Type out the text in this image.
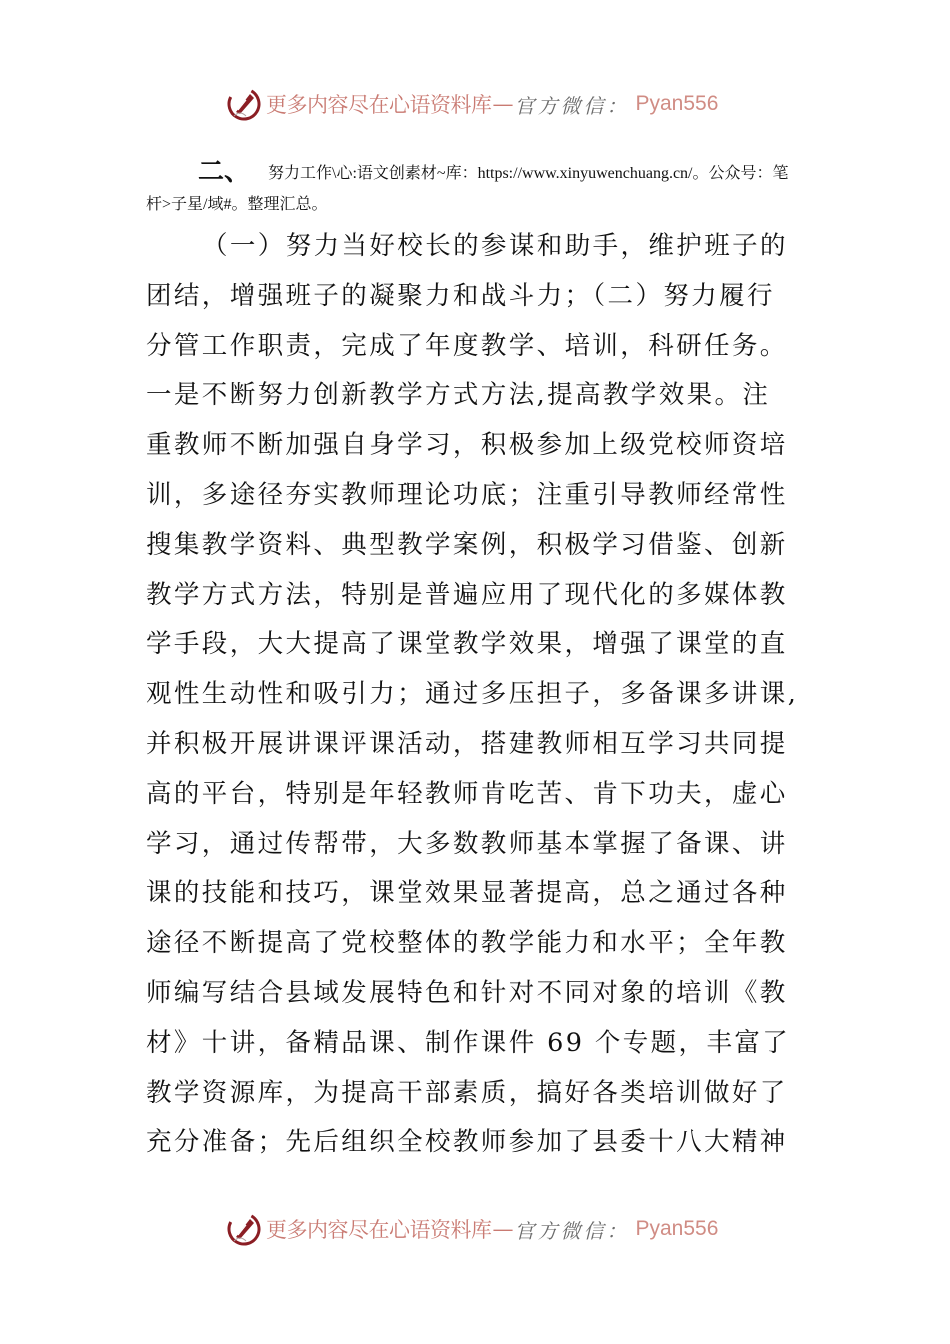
更多内容尽在心语资料库 — 官方微信： Pyan556
二、 努力工作\心:语文创素材~库：https://www.xinyuwenchuang.cn/。公众号：笔
杆>子星/域#。整理汇总。
（一）努力当好校长的参谋和助手，维护班子的
团结，增强班子的凝聚力和战斗力；（二）努力履行
分管工作职责，完成了年度教学、培训，科研任务。
一是不断努力创新教学方式方法,提高教学效果。注
重教师不断加强自身学习，积极参加上级党校师资培
训，多途径夯实教师理论功底；注重引导教师经常性
搜集教学资料、典型教学案例，积极学习借鉴、创新
教学方式方法，特别是普遍应用了现代化的多媒体教
学手段，大大提高了课堂教学效果，增强了课堂的直
观性生动性和吸引力；通过多压担子，多备课多讲课,
并积极开展讲课评课活动，搭建教师相互学习共同提
高的平台，特别是年轻教师肯吃苦、肯下功夫，虚心
学习，通过传帮带，大多数教师基本掌握了备课、讲
课的技能和技巧，课堂效果显著提高，总之通过各种
途径不断提高了党校整体的教学能力和水平；全年教
师编写结合县域发展特色和针对不同对象的培训《教
材》十讲，备精品课、制作课件 69 个专题，丰富了
教学资源库，为提高干部素质，搞好各类培训做好了
充分准备；先后组织全校教师参加了县委十八大精神
更多内容尽在心语资料库 — 官方微信： Pyan556
